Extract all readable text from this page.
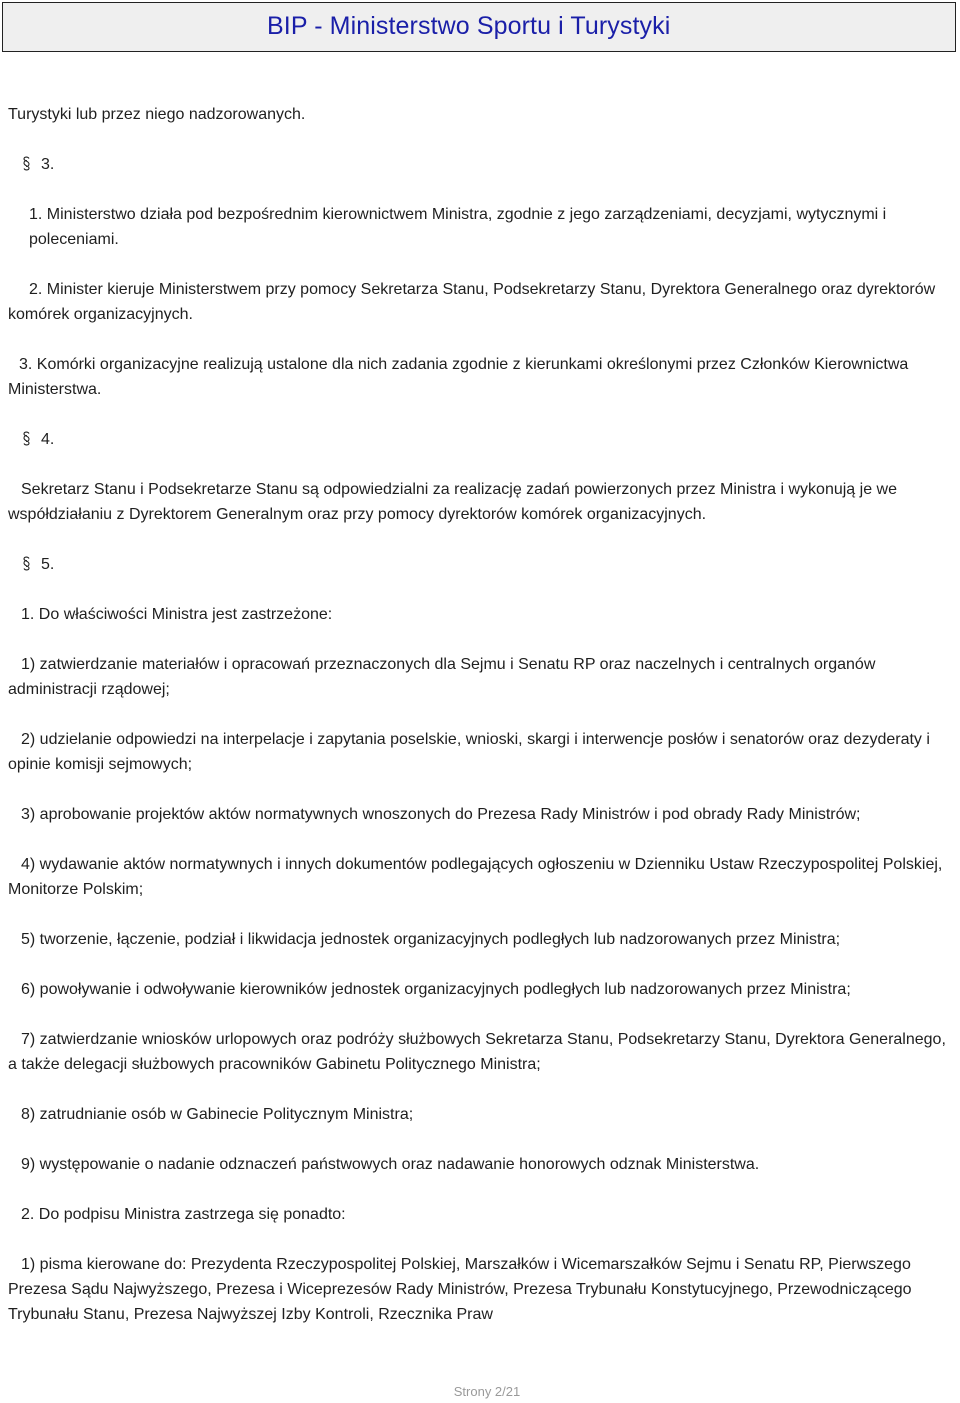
BIP - Ministerstwo Sportu i Turystyki

Turystyki lub przez niego nadzorowanych.

3.

1. Ministerstwo działa pod bezpośrednim kierownictwem Ministra, zgodnie z jego zarządzeniami, decyzjami, wytycznymi i poleceniami.

2. Minister kieruje Ministerstwem przy pomocy Sekretarza Stanu, Podsekretarzy Stanu, Dyrektora Generalnego oraz dyrektorów komórek organizacyjnych.

3. Komórki organizacyjne realizują ustalone dla nich zadania zgodnie z kierunkami określonymi przez Członków Kierownictwa Ministerstwa.

4.

Sekretarz Stanu i Podsekretarze Stanu są odpowiedzialni za realizację zadań powierzonych przez Ministra i wykonują je we współdziałaniu z Dyrektorem Generalnym oraz przy pomocy dyrektorów komórek organizacyjnych.

5.

1. Do właściwości Ministra jest zastrzeżone:

1) zatwierdzanie materiałów i opracowań przeznaczonych dla Sejmu i Senatu RP oraz naczelnych i centralnych organów administracji rządowej;

2) udzielanie odpowiedzi na interpelacje i zapytania poselskie, wnioski, skargi i interwencje posłów i senatorów oraz dezyderaty i opinie komisji sejmowych;

3) aprobowanie projektów aktów normatywnych wnoszonych do Prezesa Rady Ministrów i pod obrady Rady Ministrów;

4) wydawanie aktów normatywnych i innych dokumentów podlegających ogłoszeniu w Dzienniku Ustaw Rzeczypospolitej Polskiej, Monitorze Polskim;

5) tworzenie, łączenie, podział i likwidacja jednostek organizacyjnych podległych lub nadzorowanych przez Ministra;

6) powoływanie i odwoływanie kierowników jednostek organizacyjnych podległych lub nadzorowanych przez Ministra;

7) zatwierdzanie wniosków urlopowych oraz podróży służbowych Sekretarza Stanu, Podsekretarzy Stanu, Dyrektora Generalnego, a także delegacji służbowych pracowników Gabinetu Politycznego Ministra;

8) zatrudnianie osób w Gabinecie Politycznym Ministra;

9) występowanie o nadanie odznaczeń państwowych oraz nadawanie honorowych odznak Ministerstwa.

2. Do podpisu Ministra zastrzega się ponadto:

1) pisma kierowane do: Prezydenta Rzeczypospolitej Polskiej, Marszałków i Wicemarszałków Sejmu i Senatu RP, Pierwszego Prezesa Sądu Najwyższego, Prezesa i Wiceprezesów Rady Ministrów, Prezesa Trybunału Konstytucyjnego, Przewodniczącego Trybunału Stanu, Prezesa Najwyższej Izby Kontroli, Rzecznika Praw

Strony 2/21
